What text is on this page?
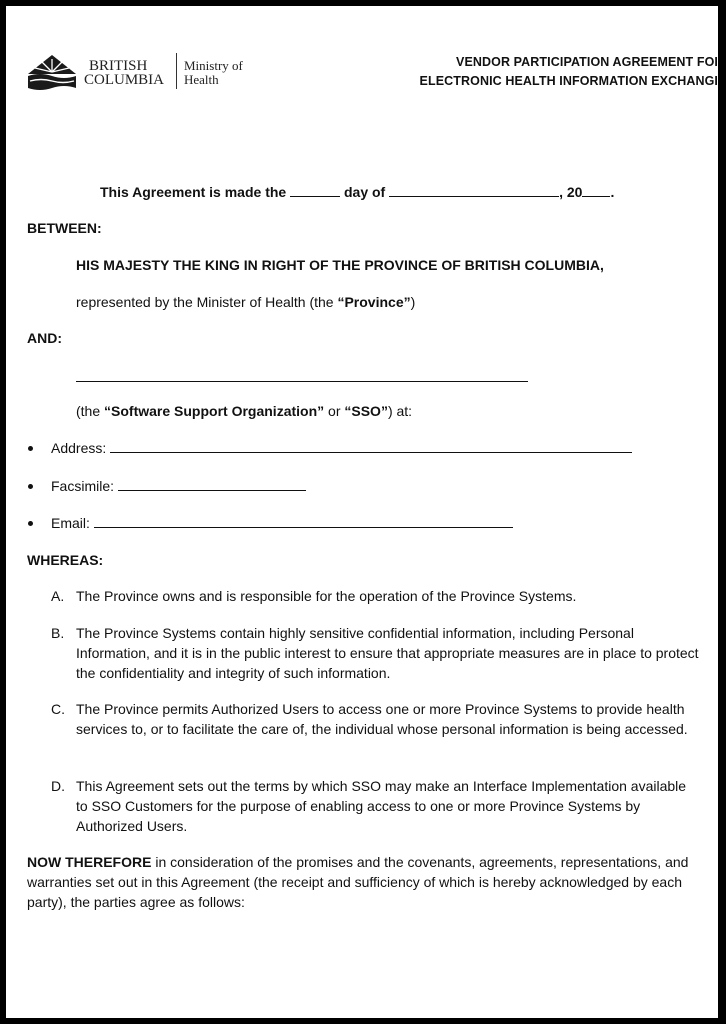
BRITISH
COLUMBIA
Ministry of
Health
VENDOR PARTICIPATION AGREEMENT FOI
ELECTRONIC HEALTH INFORMATION EXCHANGI
This Agreement is made the	day of	, 20 .
BETWEEN:
HIS MAJESTY THE KING IN RIGHT OF THE PROVINCE OF BRITISH COLUMBIA,
represented by the Minister of Health (the “Province”)
AND:
(the “Software Support Organization” or “SSO”) at:
Address:
Facsimile:
Email:
WHEREAS:
A. The Province owns and is responsible for the operation of the Province Systems.
B. The Province Systems contain highly sensitive confidential information, including Personal Information, and it is in the public interest to ensure that appropriate measures are in place to protect the confidentiality and integrity of such information.
C. The Province permits Authorized Users to access one or more Province Systems to provide health services to, or to facilitate the care of, the individual whose personal information is being accessed.
D. This Agreement sets out the terms by which SSO may make an Interface Implementation available to SSO Customers for the purpose of enabling access to one or more Province Systems by Authorized Users.
NOW THEREFORE in consideration of the promises and the covenants, agreements, representations, and warranties set out in this Agreement (the receipt and sufficiency of which is hereby acknowledged by each party), the parties agree as follows:
